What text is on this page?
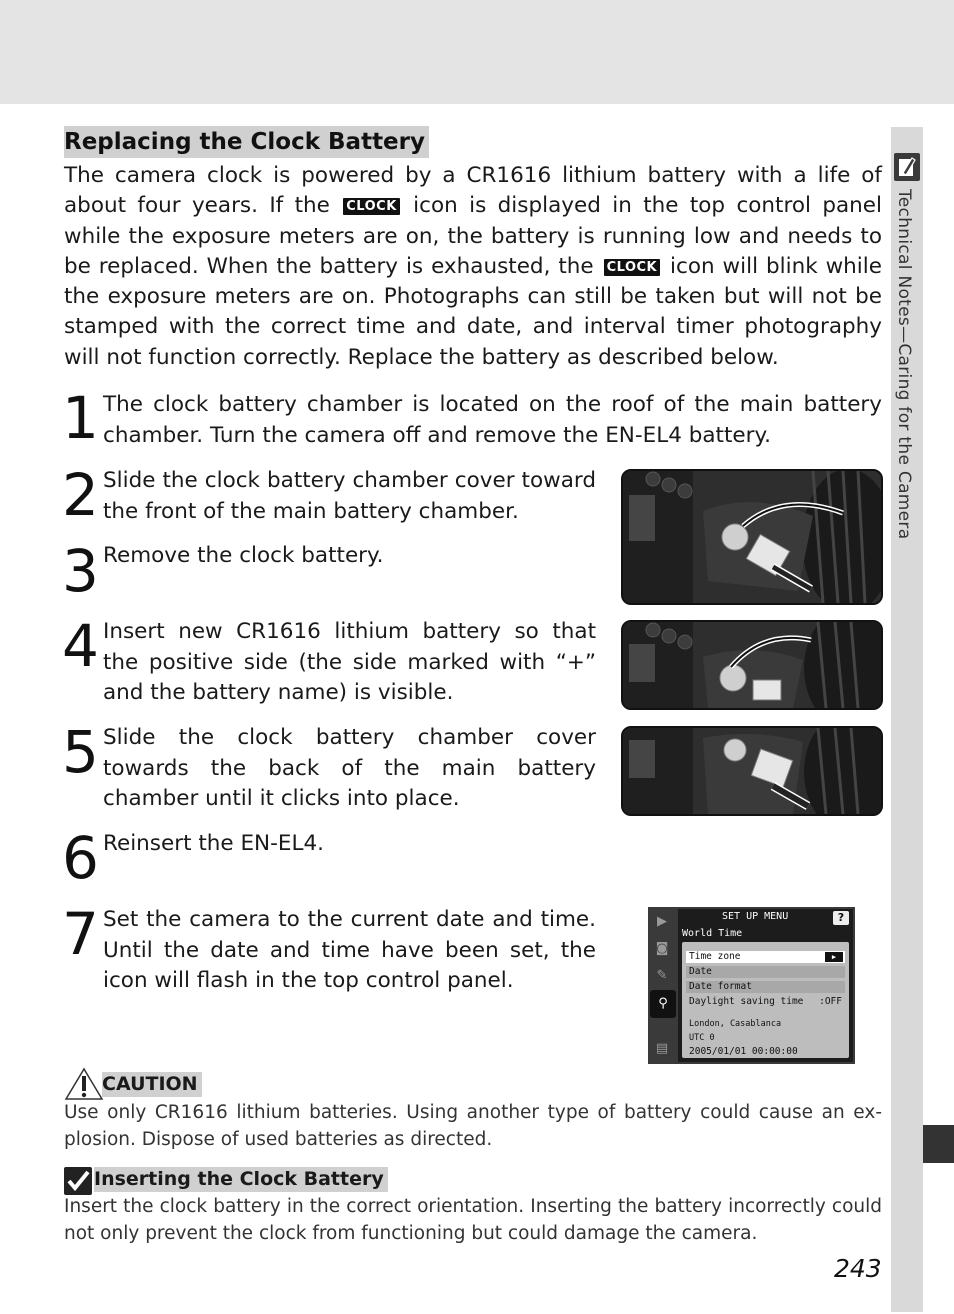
Technical Notes—Caring for the Camera
Replacing the Clock Battery
The camera clock is powered by a CR1616 lithium battery with a life of about four years. If the CLOCK icon is displayed in the top control panel while the exposure meters are on, the battery is running low and needs to be replaced. When the battery is exhausted, the CLOCK icon will blink while the exposure meters are on. Photographs can still be taken but will not be stamped with the correct time and date, and interval timer photography will not function correctly. Replace the battery as described below.
1 The clock battery chamber is located on the roof of the main battery chamber. Turn the camera off and remove the EN-EL4 battery.
2 Slide the clock battery chamber cover toward the front of the main battery chamber.
3 Remove the clock battery.
4 Insert new CR1616 lithium battery so that the positive side (the side marked with “+” and the battery name) is visible.
5 Slide the clock battery chamber cover towards the back of the main battery chamber until it clicks into place.
6 Reinsert the EN-EL4.
7 Set the camera to the current date and time. Until the date and time have been set, the icon will flash in the top control panel.
▶
◙
✎
⚲
▤
SET UP MENU	?
World Time
Time zone	▶
Date
Date format
Daylight saving time :OFF
London, Casablanca
UTC 0
2005/01/01 00:00:00
CAUTION
Use only CR1616 lithium batteries. Using another type of battery could cause an ex-plosion. Dispose of used batteries as directed.
Inserting the Clock Battery
Insert the clock battery in the correct orientation. Inserting the battery incorrectly could not only prevent the clock from functioning but could damage the camera.
243
